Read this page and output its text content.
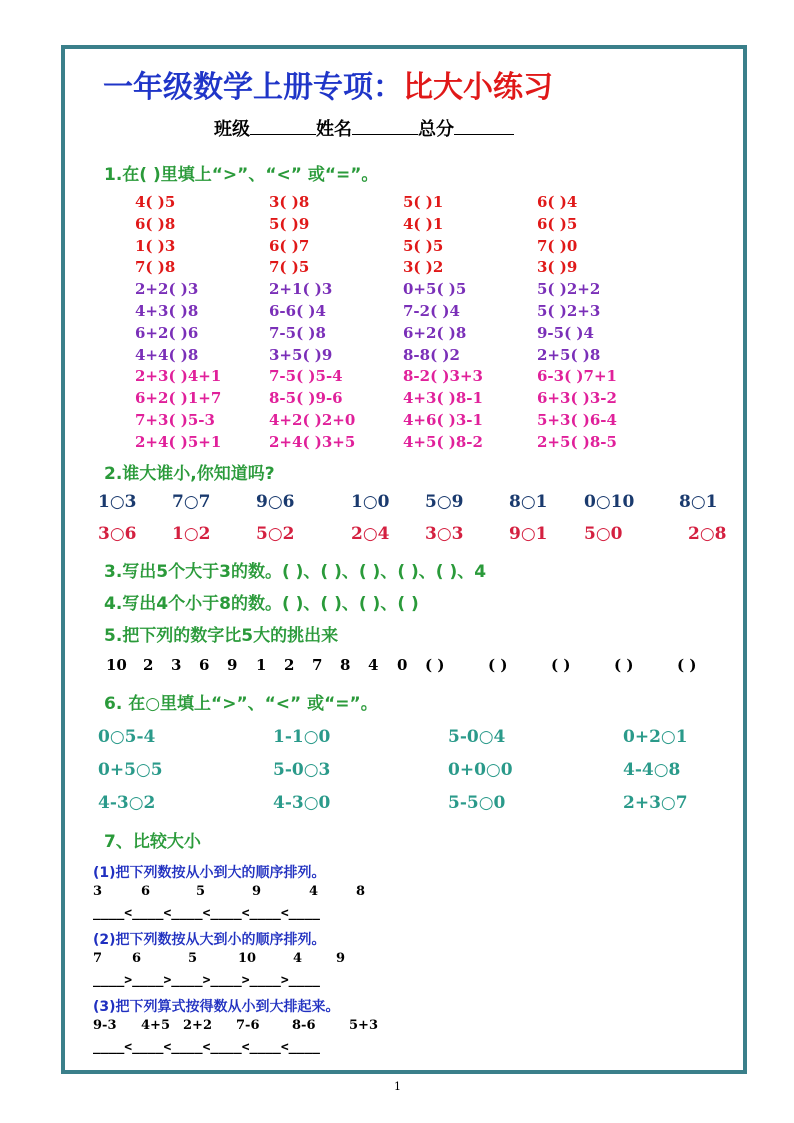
一年级数学上册专项：比大小练习
班级	姓名	总分
1.在( )里填上“>”、“<” 或“=”。
4( )5	3( )8	5( )1	6( )4
6( )8	5( )9	4( )1	6( )5
1( )3	6( )7	5( )5	7( )0
7( )8	7( )5	3( )2	3( )9
2+2( )3	2+1( )3	0+5( )5	5( )2+2
4+3( )8	6-6( )4	7-2( )4	5( )2+3
6+2( )6	7-5( )8	6+2( )8	9-5( )4
4+4( )8	3+5( )9	8-8( )2	2+5( )8
2+3( )4+1	7-5( )5-4	8-2( )3+3	6-3( )7+1
6+2( )1+7	8-5( )9-6	4+3( )8-1	6+3( )3-2
7+3( )5-3	4+2( )2+0	4+6( )3-1	5+3( )6-4
2+4( )5+1	2+4( )3+5	4+5( )8-2	2+5( )8-5
2.谁大谁小,你知道吗?
1○3 7○7	9○6	1○0 5○9	8○1 0○10	8○1
3○6 1○2	5○2	2○4 3○3	9○1 5○0	2○8
3.写出5个大于3的数。( )、( )、( )、( )、( )、4
4.写出4个小于8的数。( )、( )、( )、( )
5.把下列的数字比5大的挑出来
10 2 3 6 9 1 2 7 8 4 0 ( )	( )	( )	( )	( )
6. 在○里填上“>”、“<” 或“=”。
0○5-4	1-1○0	5-0○4	0+2○1
0+5○5	5-0○3	0+0○0	4-4○8
4-3○2	4-3○0	5-5○0	2+3○7
7、比较大小
(1)把下列数按从小到大的顺序排列。
3	6	5	9	4	8
____<____<____<____<____<____
(2)把下列数按从大到小的顺序排列。
7 6	5	10	4	9
____>____>____>____>____>____
(3)把下列算式按得数从小到大排起来。
9-3 4+5 2+2 7-6	8-6	5+3
____<____<____<____<____<____
1
